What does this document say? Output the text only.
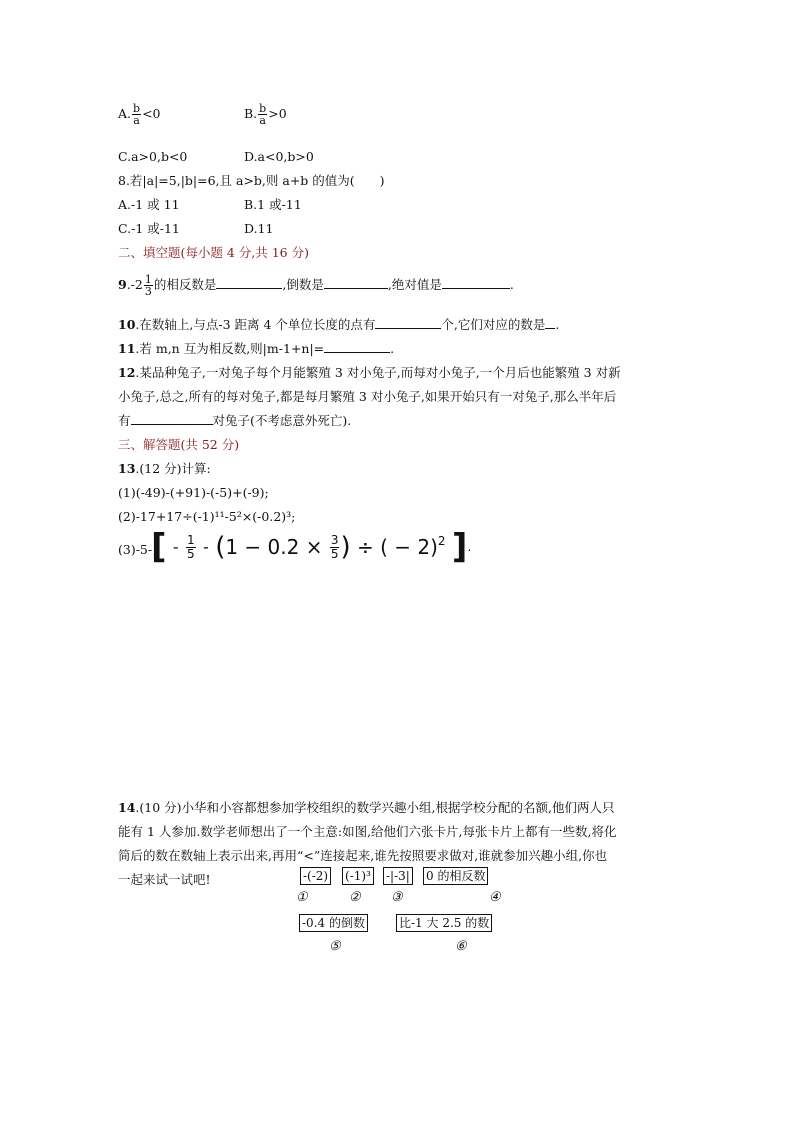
A. $\frac{b}{a} <0$	B. $\frac{b}{a} >0$
C.a>0,b<0	D.a<0,b>0
8.若|a|=5,|b|=6,且 a>b,则 a+b 的值为(　　)
A.-1 或 11	B.1 或-11
C.-1 或-11	D.11
二、填空题(每小题 4 分,共 16 分)
$9.-2 \frac{1}{3}$ 的相反数是	,倒数是	,绝对值是	.
10.在数轴上,与点-3 距离 4 个单位长度的点有	个,它们对应的数是 .
11.若 m,n 互为相反数,则|m-1+n|=	.
12.某品种兔子,一对兔子每个月能繁殖 3 对小兔子,而每对小兔子,一个月后也能繁殖 3 对新
小兔子,总之,所有的每对兔子,都是每月繁殖 3 对小兔子,如果开始只有一对兔子,那么半年后
有	对兔子(不考虑意外死亡).
三、解答题(共 52 分)
13.(12 分)计算:
(1)(-49)-(+91)-(-5)+(-9);
(2)-17+17÷(-1)¹¹-5²×(-0.2)³;
(3)-5-
[ - $\frac{1}{5} - (1 - 0.2 \times \frac{3}{5}$ ) ÷ ( − 2)$^2$ ].
14.(10 分)小华和小容都想参加学校组织的数学兴趣小组,根据学校分配的名额,他们两人只
能有 1 人参加.数学老师想出了一个主意:如图,给他们六张卡片,每张卡片上都有一些数,将化
简后的数在数轴上表示出来,再用“<”连接起来,谁先按照要求做对,谁就参加兴趣小组,你也
一起来试一试吧!	-(-2)
①
(-1)³
②
-|-3|
③
0 的相反数
④
-0.4 的倒数
⑤
比-1 大 2.5 的数
⑥
